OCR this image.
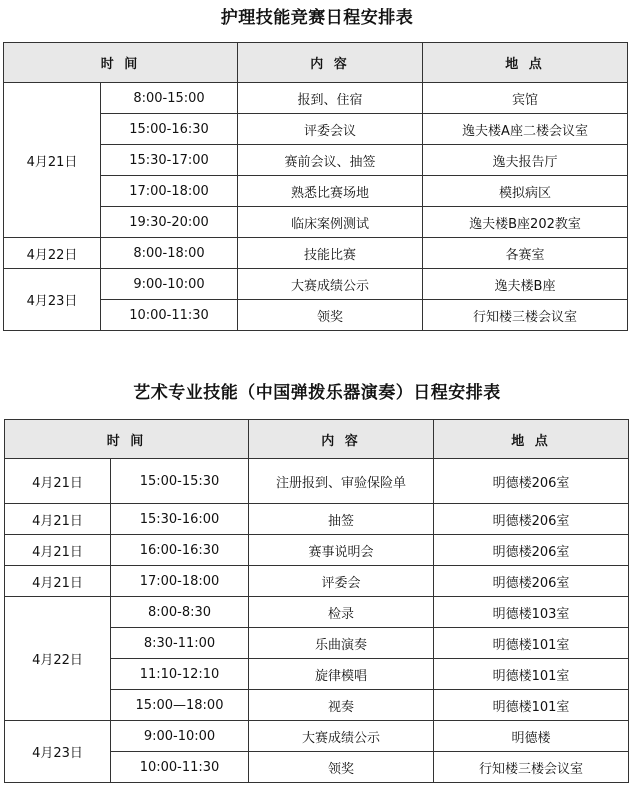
护理技能竞赛日程安排表
时 间		内 容	地 点
4月21日	8:00-15:00	报到、住宿	宾馆
	15:00-16:30	评委会议	逸夫楼A座二楼会议室
	15:30-17:00	赛前会议、抽签	逸夫报告厅
	17:00-18:00	熟悉比赛场地	模拟病区
	19:30-20:00	临床案例测试	逸夫楼B座202教室
4月22日	8:00-18:00	技能比赛	各赛室
4月23日	9:00-10:00	大赛成绩公示	逸夫楼B座
	10:00-11:30	领奖	行知楼三楼会议室
艺术专业技能（中国弹拨乐器演奏）日程安排表
时 间		内 容	地 点
4月21日	15:00-15:30	注册报到、审验保险单	明德楼206室
4月21日	15:30-16:00	抽签	明德楼206室
4月21日	16:00-16:30	赛事说明会	明德楼206室
4月21日	17:00-18:00	评委会	明德楼206室
4月22日	8:00-8:30	检录	明德楼103室
	8:30-11:00	乐曲演奏	明德楼101室
	11:10-12:10	旋律模唱	明德楼101室
	15:00—18:00	视奏	明德楼101室
4月23日	9:00-10:00	大赛成绩公示	明德楼
	10:00-11:30	领奖	行知楼三楼会议室
